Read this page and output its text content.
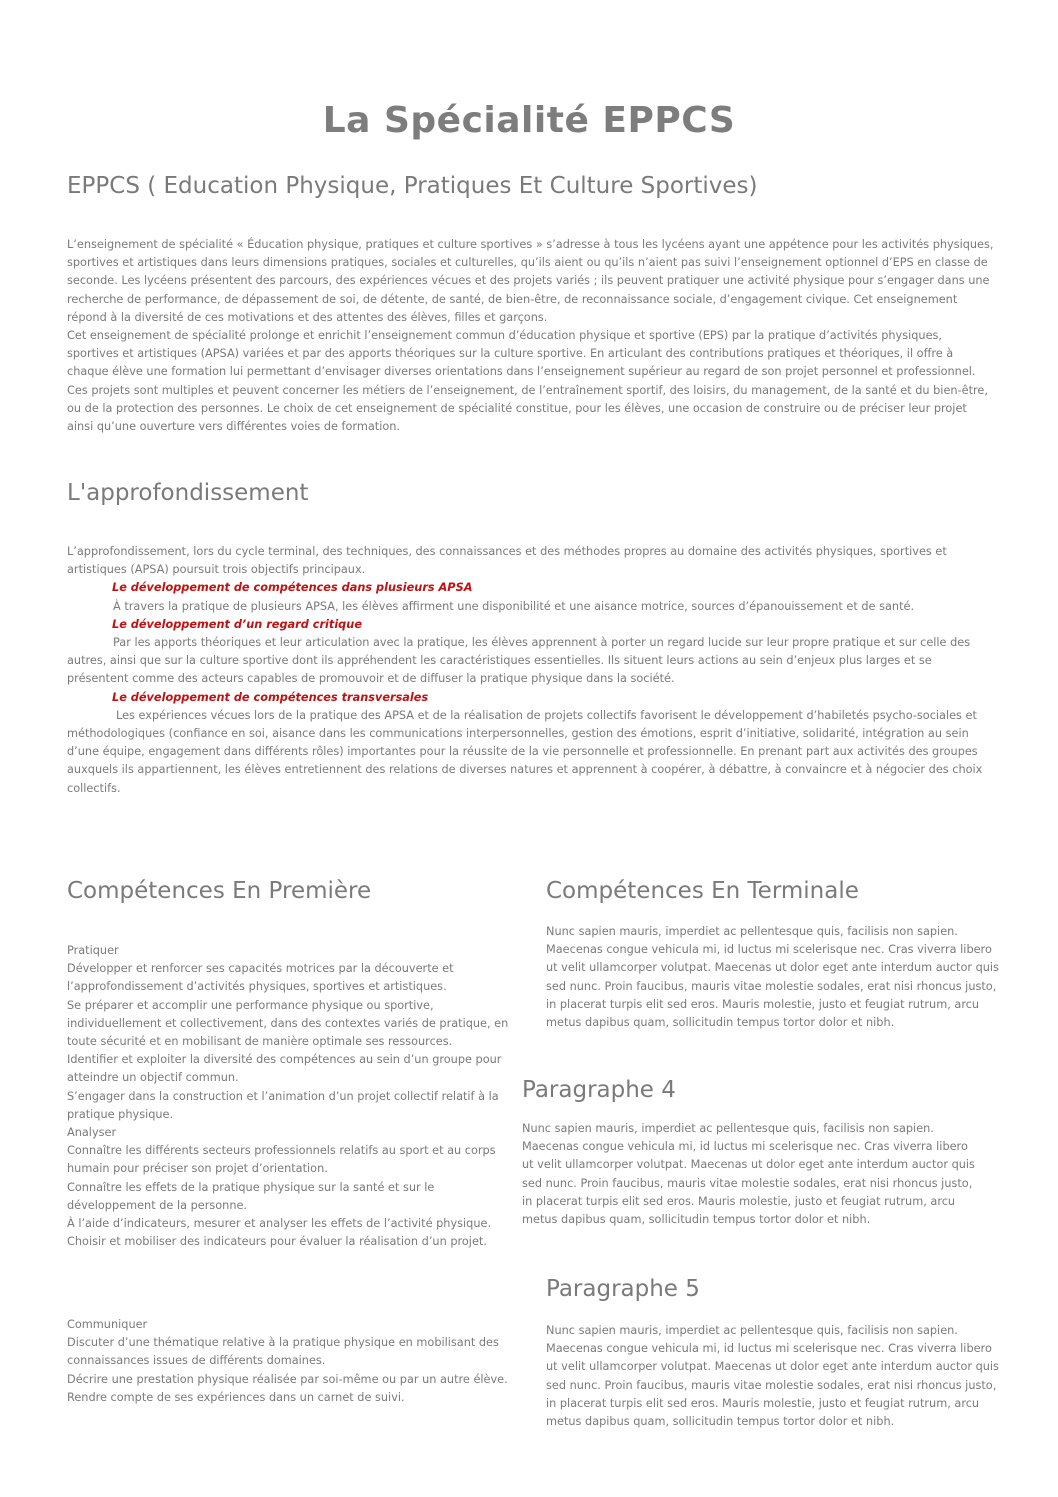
La Spécialité EPPCS
EPPCS ( Education Physique, Pratiques Et Culture Sportives)

L’enseignement de spécialité « Éducation physique, pratiques et culture sportives » s’adresse à tous les lycéens ayant une appétence pour les activités physiques, sportives et artistiques dans leurs dimensions pratiques, sociales et culturelles, qu’ils aient ou qu’ils n’aient pas suivi l’enseignement optionnel d’EPS en classe de seconde. Les lycéens présentent des parcours, des expériences vécues et des projets variés ; ils peuvent pratiquer une activité physique pour s’engager dans une recherche de performance, de dépassement de soi, de détente, de santé, de bien-être, de reconnaissance sociale, d’engagement civique. Cet enseignement répond à la diversité de ces motivations et des attentes des élèves, filles et garçons.

Cet enseignement de spécialité prolonge et enrichit l’enseignement commun d’éducation physique et sportive (EPS) par la pratique d’activités physiques, sportives et artistiques (APSA) variées et par des apports théoriques sur la culture sportive. En articulant des contributions pratiques et théoriques, il offre à chaque élève une formation lui permettant d’envisager diverses orientations dans l’enseignement supérieur au regard de son projet personnel et professionnel. Ces projets sont multiples et peuvent concerner les métiers de l’enseignement, de l’entraînement sportif, des loisirs, du management, de la santé et du bien-être, ou de la protection des personnes. Le choix de cet enseignement de spécialité constitue, pour les élèves, une occasion de construire ou de préciser leur projet ainsi qu’une ouverture vers différentes voies de formation.

L'approfondissement

L’approfondissement, lors du cycle terminal, des techniques, des connaissances et des méthodes propres au domaine des activités physiques, sportives et artistiques (APSA) poursuit trois objectifs principaux.

Le développement de compétences dans plusieurs APSA

À travers la pratique de plusieurs APSA, les élèves affirment une disponibilité et une aisance motrice, sources d’épanouissement et de santé.

Le développement d’un regard critique

Par les apports théoriques et leur articulation avec la pratique, les élèves apprennent à porter un regard lucide sur leur propre pratique et sur celle des autres, ainsi que sur la culture sportive dont ils appréhendent les caractéristiques essentielles. Ils situent leurs actions au sein d’enjeux plus larges et se présentent comme des acteurs capables de promouvoir et de diffuser la pratique physique dans la société.

Le développement de compétences transversales

Les expériences vécues lors de la pratique des APSA et de la réalisation de projets collectifs favorisent le développement d’habiletés psycho-sociales et méthodologiques (confiance en soi, aisance dans les communications interpersonnelles, gestion des émotions, esprit d’initiative, solidarité, intégration au sein d’une équipe, engagement dans différents rôles) importantes pour la réussite de la vie personnelle et professionnelle. En prenant part aux activités des groupes auxquels ils appartiennent, les élèves entretiennent des relations de diverses natures et apprennent à coopérer, à débattre, à convaincre et à négocier des choix collectifs.

Compétences En Première

Pratiquer

Développer et renforcer ses capacités motrices par la découverte et l’approfondissement d’activités physiques, sportives et artistiques.

Se préparer et accomplir une performance physique ou sportive, individuellement et collectivement, dans des contextes variés de pratique, en toute sécurité et en mobilisant de manière optimale ses ressources.

Identifier et exploiter la diversité des compétences au sein d’un groupe pour atteindre un objectif commun.

S’engager dans la construction et l’animation d’un projet collectif relatif à la pratique physique.

Analyser

Connaître les différents secteurs professionnels relatifs au sport et au corps humain pour préciser son projet d’orientation.

Connaître les effets de la pratique physique sur la santé et sur le développement de la personne.

À l’aide d’indicateurs, mesurer et analyser les effets de l’activité physique.

Choisir et mobiliser des indicateurs pour évaluer la réalisation d’un projet.

Communiquer

Discuter d’une thématique relative à la pratique physique en mobilisant des connaissances issues de différents domaines.

Décrire une prestation physique réalisée par soi-même ou par un autre élève.

Rendre compte de ses expériences dans un carnet de suivi.

Compétences En Terminale
Nunc sapien mauris, imperdiet ac pellentesque quis, facilisis non sapien. Maecenas congue vehicula mi, id luctus mi scelerisque nec. Cras viverra libero ut velit ullamcorper volutpat. Maecenas ut dolor eget ante interdum auctor quis sed nunc. Proin faucibus, mauris vitae molestie sodales, erat nisi rhoncus justo, in placerat turpis elit sed eros. Mauris molestie, justo et feugiat rutrum, arcu metus dapibus quam, sollicitudin tempus tortor dolor et nibh.
Paragraphe 4
Nunc sapien mauris, imperdiet ac pellentesque quis, facilisis non sapien. Maecenas congue vehicula mi, id luctus mi scelerisque nec. Cras viverra libero ut velit ullamcorper volutpat. Maecenas ut dolor eget ante interdum auctor quis sed nunc. Proin faucibus, mauris vitae molestie sodales, erat nisi rhoncus justo, in placerat turpis elit sed eros. Mauris molestie, justo et feugiat rutrum, arcu metus dapibus quam, sollicitudin tempus tortor dolor et nibh.
Paragraphe 5
Nunc sapien mauris, imperdiet ac pellentesque quis, facilisis non sapien. Maecenas congue vehicula mi, id luctus mi scelerisque nec. Cras viverra libero ut velit ullamcorper volutpat. Maecenas ut dolor eget ante interdum auctor quis sed nunc. Proin faucibus, mauris vitae molestie sodales, erat nisi rhoncus justo, in placerat turpis elit sed eros. Mauris molestie, justo et feugiat rutrum, arcu metus dapibus quam, sollicitudin tempus tortor dolor et nibh.
